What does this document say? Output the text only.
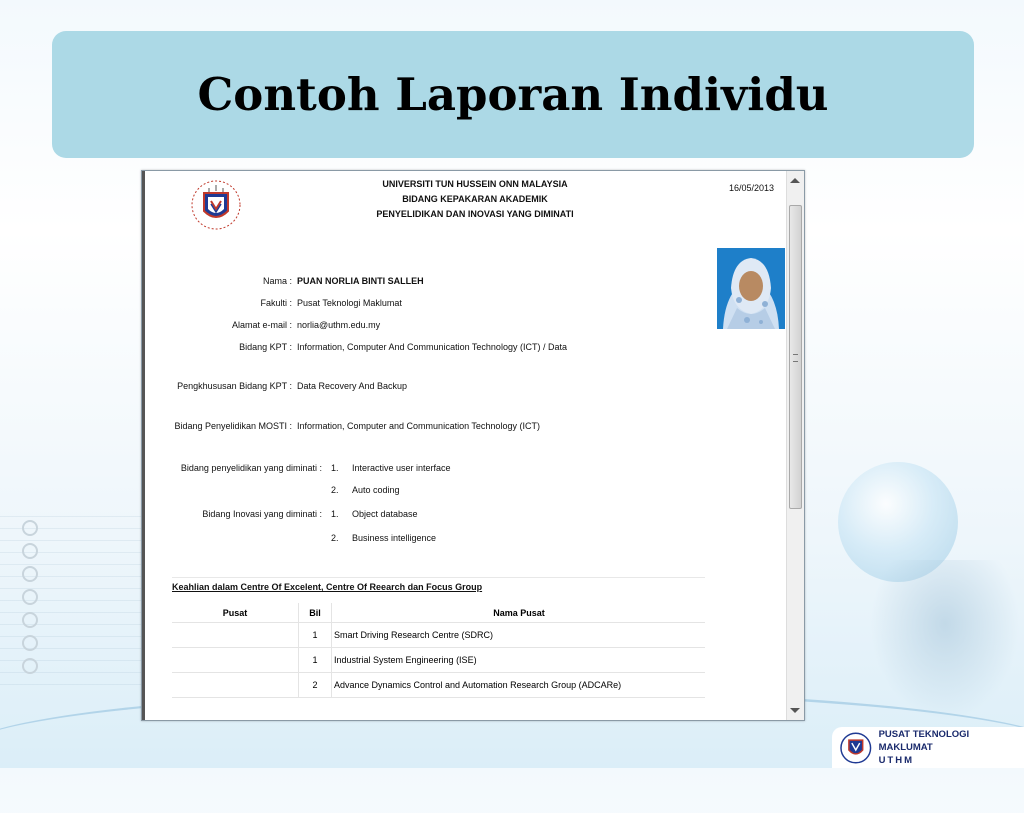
Contoh Laporan Individu
UNIVERSITI TUN HUSSEIN ONN MALAYSIA
BIDANG KEPAKARAN AKADEMIK
PENYELIDIKAN DAN INOVASI YANG DIMINATI
16/05/2013
Nama : PUAN NORLIA BINTI SALLEH
Fakulti : Pusat Teknologi Maklumat
Alamat e-mail : norlia@uthm.edu.my
Bidang KPT : Information, Computer And Communication Technology (ICT) / Data
Pengkhususan Bidang KPT : Data Recovery And Backup
Bidang Penyelidikan MOSTI : Information, Computer and Communication Technology (ICT)
Bidang penyelidikan yang diminati : 1. Interactive user interface
2. Auto coding
Bidang Inovasi yang diminati : 1. Object database
2. Business intelligence
Keahlian dalam Centre Of Excelent, Centre Of Reearch dan Focus Group
Pusat	Bil	Nama Pusat
	1	Smart Driving Research Centre (SDRC)
	1	Industrial System Engineering (ISE)
	2	Advance Dynamics Control and Automation Research Group (ADCARe)
PUSAT TEKNOLOGI MAKLUMAT
UTHM
